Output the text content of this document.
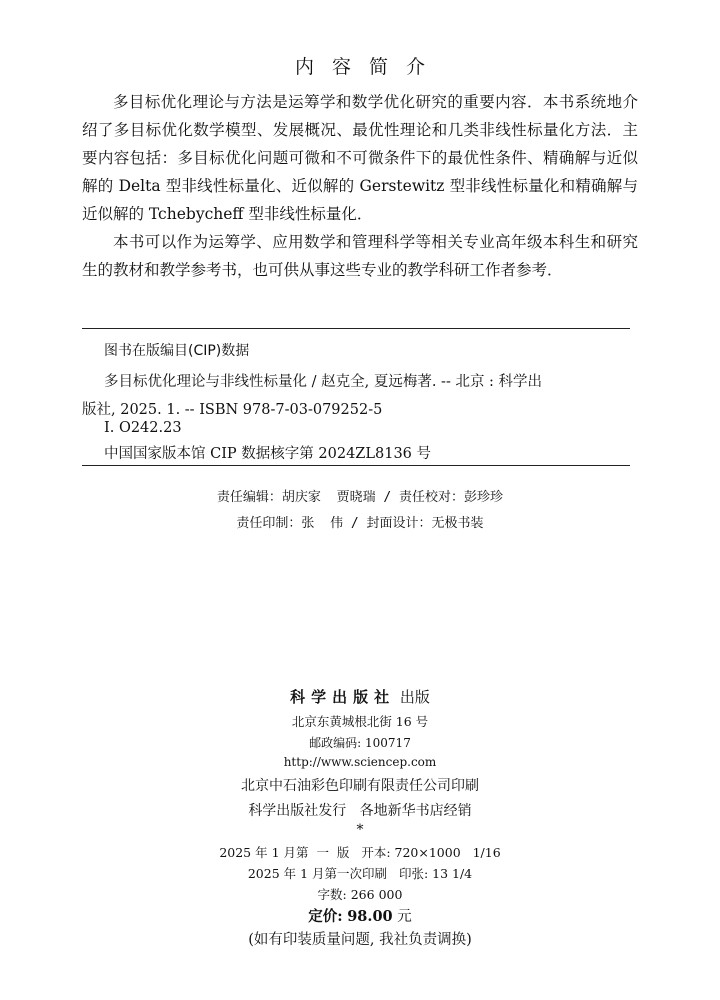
内容简介

多目标优化理论与方法是运筹学和数学优化研究的重要内容．本书系统地介绍了多目标优化数学模型、发展概况、最优性理论和几类非线性标量化方法．主要内容包括：多目标优化问题可微和不可微条件下的最优性条件、精确解与近似解的 Delta 型非线性标量化、近似解的 Gerstewitz 型非线性标量化和精确解与近似解的 Tchebycheff 型非线性标量化．

本书可以作为运筹学、应用数学和管理科学等相关专业高年级本科生和研究生的教材和教学参考书，也可供从事这些专业的教学科研工作者参考．

图书在版编目(CIP)数据
多目标优化理论与非线性标量化 / 赵克全, 夏远梅著. -- 北京 : 科学出
版社, 2025. 1. -- ISBN 978-7-03-079252-5
I. O242.23
中国国家版本馆 CIP 数据核字第 2024ZL8136 号
责任编辑：胡庆家  贾晓瑞 / 责任校对：彭珍珍
责任印制：张  伟 / 封面设计：无极书装
科学出版社 出版
北京东黄城根北街 16 号
邮政编码: 100717
http://www.sciencep.com
北京中石油彩色印刷有限责任公司印刷
科学出版社发行   各地新华书店经销
*
2025 年 1 月第  一  版   开本: 720×1000   1/16
2025 年 1 月第一次印刷   印张: 13 1/4
字数: 266 000
定价: 98.00 元
(如有印装质量问题, 我社负责调换)
